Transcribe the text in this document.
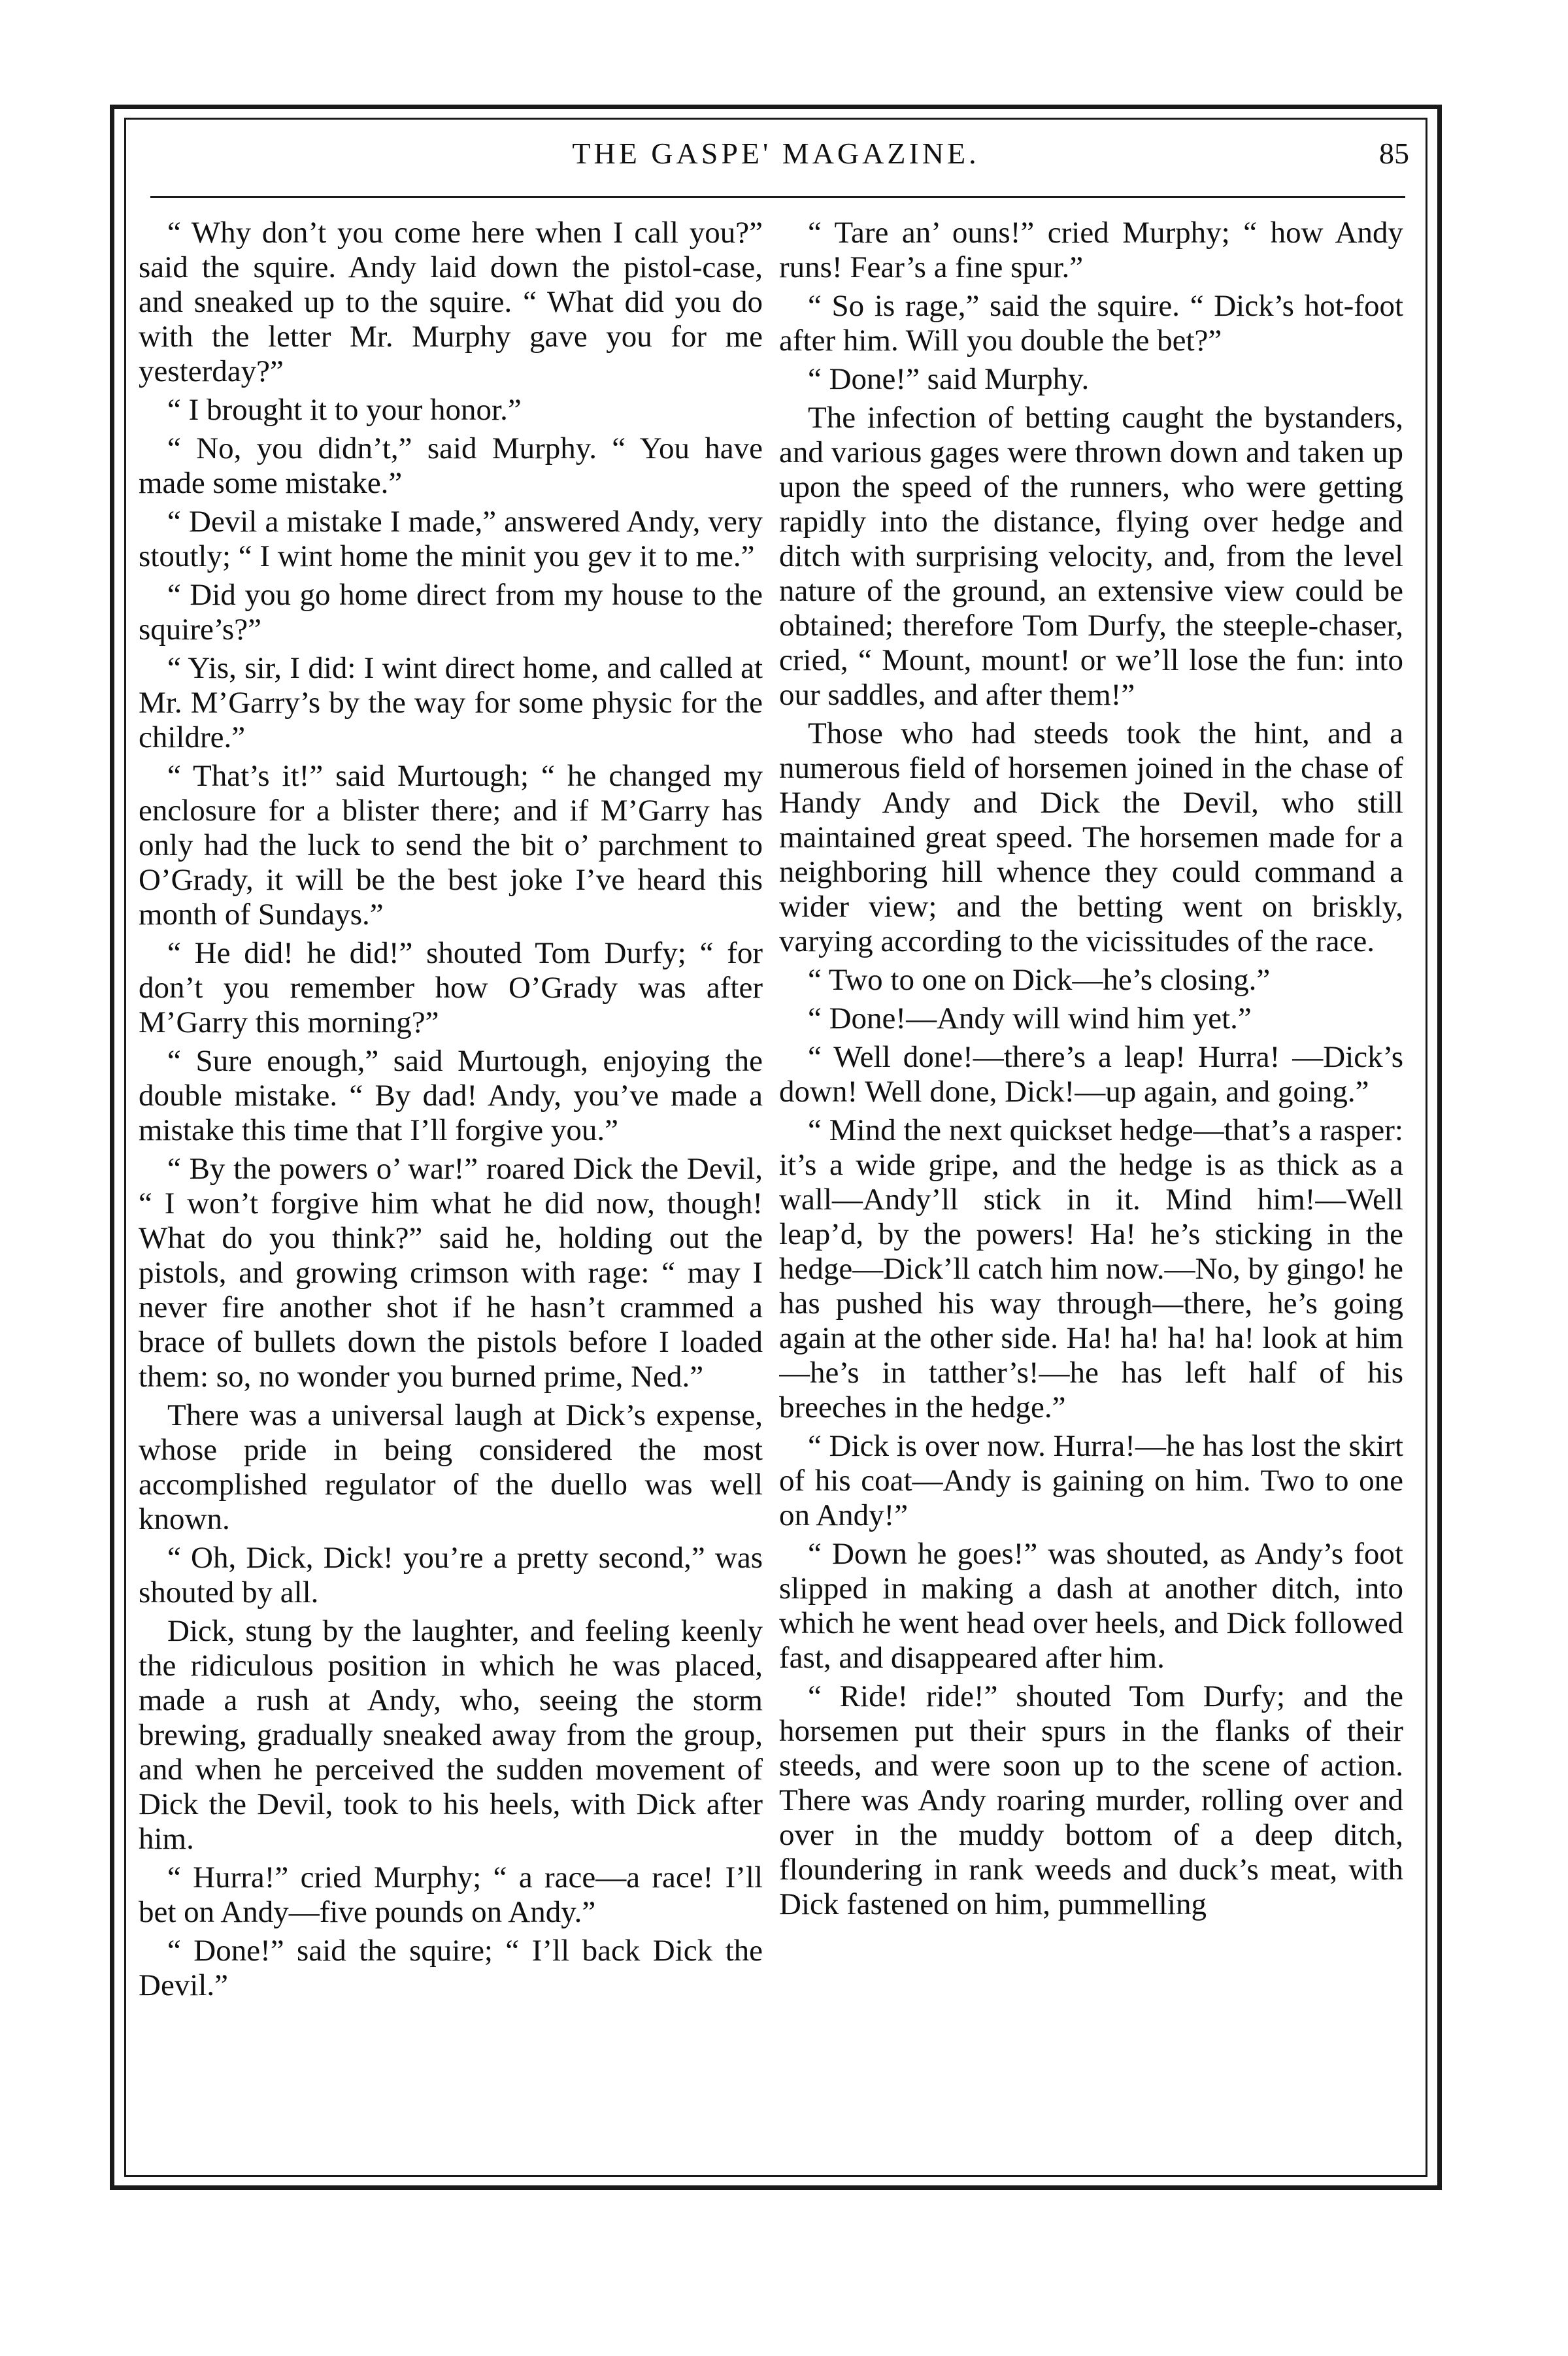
THE GASPE' MAGAZINE.	85

“ Why don’t you come here when I call you?” said the squire. Andy laid down the pistol-case, and sneaked up to the squire. “ What did you do with the letter Mr. Murphy gave you for me yesterday?”

“ I brought it to your honor.”

“ No, you didn’t,” said Murphy. “ You have made some mistake.”

“ Devil a mistake I made,” answered Andy, very stoutly; “ I wint home the minit you gev it to me.”

“ Did you go home direct from my house to the squire’s?”

“ Yis, sir, I did: I wint direct home, and called at Mr. M’Garry’s by the way for some physic for the childre.”

“ That’s it!” said Murtough; “ he changed my enclosure for a blister there; and if M’Garry has only had the luck to send the bit o’ parchment to O’Grady, it will be the best joke I’ve heard this month of Sundays.”

“ He did! he did!” shouted Tom Durfy; “ for don’t you remember how O’Grady was after M’Garry this morning?”

“ Sure enough,” said Murtough, enjoying the double mistake. “ By dad! Andy, you’ve made a mistake this time that I’ll forgive you.”

“ By the powers o’ war!” roared Dick the Devil, “ I won’t forgive him what he did now, though! What do you think?” said he, holding out the pistols, and growing crimson with rage: “ may I never fire another shot if he hasn’t crammed a brace of bullets down the pistols before I loaded them: so, no wonder you burned prime, Ned.”

There was a universal laugh at Dick’s expense, whose pride in being considered the most accomplished regulator of the duello was well known.

“ Oh, Dick, Dick! you’re a pretty second,” was shouted by all.

Dick, stung by the laughter, and feeling keenly the ridiculous position in which he was placed, made a rush at Andy, who, seeing the storm brewing, gradually sneaked away from the group, and when he perceived the sudden movement of Dick the Devil, took to his heels, with Dick after him.

“ Hurra!” cried Murphy; “ a race—a race! I’ll bet on Andy—five pounds on Andy.”

“ Done!” said the squire; “ I’ll back Dick the Devil.”

“ Tare an’ ouns!” cried Murphy; “ how Andy runs! Fear’s a fine spur.”

“ So is rage,” said the squire. “ Dick’s hot-foot after him. Will you double the bet?”

“ Done!” said Murphy.

The infection of betting caught the bystanders, and various gages were thrown down and taken up upon the speed of the runners, who were getting rapidly into the distance, flying over hedge and ditch with surprising velocity, and, from the level nature of the ground, an extensive view could be obtained; therefore Tom Durfy, the steeple-chaser, cried, “ Mount, mount! or we’ll lose the fun: into our saddles, and after them!”

Those who had steeds took the hint, and a numerous field of horsemen joined in the chase of Handy Andy and Dick the Devil, who still maintained great speed. The horsemen made for a neighboring hill whence they could command a wider view; and the betting went on briskly, varying according to the vicissitudes of the race.

“ Two to one on Dick—he’s closing.”

“ Done!—Andy will wind him yet.”

“ Well done!—there’s a leap! Hurra! —Dick’s down! Well done, Dick!—up again, and going.”

“ Mind the next quickset hedge—that’s a rasper: it’s a wide gripe, and the hedge is as thick as a wall—Andy’ll stick in it. Mind him!—Well leap’d, by the powers! Ha! he’s sticking in the hedge—Dick’ll catch him now.—No, by gingo! he has pushed his way through—there, he’s going again at the other side. Ha! ha! ha! ha! look at him—he’s in tatther’s!—he has left half of his breeches in the hedge.”

“ Dick is over now. Hurra!—he has lost the skirt of his coat—Andy is gaining on him. Two to one on Andy!”

“ Down he goes!” was shouted, as Andy’s foot slipped in making a dash at another ditch, into which he went head over heels, and Dick followed fast, and disappeared after him.

“ Ride! ride!” shouted Tom Durfy; and the horsemen put their spurs in the flanks of their steeds, and were soon up to the scene of action. There was Andy roaring murder, rolling over and over in the muddy bottom of a deep ditch, floundering in rank weeds and duck’s meat, with Dick fastened on him, pummelling
